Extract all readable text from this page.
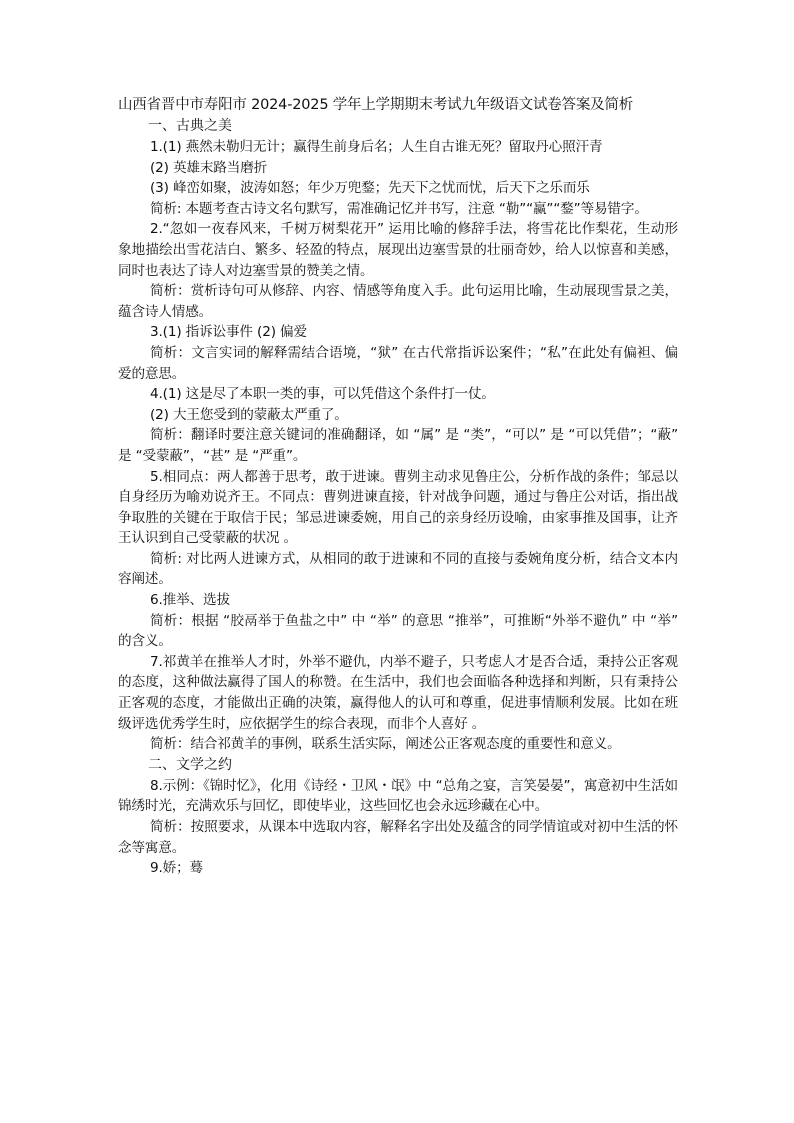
山西省晋中市寿阳市 2024-2025 学年上学期期末考试九年级语文试卷答案及简析

一、古典之美

1.(1) 燕然未勒归无计；赢得生前身后名；人生自古谁无死？留取丹心照汗青

(2) 英雄末路当磨折

(3) 峰峦如聚，波涛如怒；年少万兜鍪；先天下之忧而忧，后天下之乐而乐

简析: 本题考查古诗文名句默写，需准确记忆并书写，注意 “勒”“赢”“鍪”等易错字。

2.“忽如一夜春风来，千树万树梨花开” 运用比喻的修辞手法，将雪花比作梨花，生动形象地描绘出雪花洁白、繁多、轻盈的特点，展现出边塞雪景的壮丽奇妙，给人以惊喜和美感，同时也表达了诗人对边塞雪景的赞美之情。

简析：赏析诗句可从修辞、内容、情感等角度入手。此句运用比喻，生动展现雪景之美，蕴含诗人情感。

3.(1) 指诉讼事件 (2) 偏爱

简析：文言实词的解释需结合语境，“狱” 在古代常指诉讼案件；“私”在此处有偏袒、偏爱的意思。

4.(1) 这是尽了本职一类的事，可以凭借这个条件打一仗。

(2) 大王您受到的蒙蔽太严重了。

简析：翻译时要注意关键词的准确翻译，如 “属” 是 “类”，“可以” 是 “可以凭借”；“蔽” 是 “受蒙蔽”，“甚” 是 “严重”。

5.相同点：两人都善于思考，敢于进谏。曹刿主动求见鲁庄公，分析作战的条件；邹忌以自身经历为喻劝说齐王。不同点：曹刿进谏直接，针对战争问题，通过与鲁庄公对话，指出战争取胜的关键在于取信于民；邹忌进谏委婉，用自己的亲身经历设喻，由家事推及国事，让齐王认识到自己受蒙蔽的状况 。

简析: 对比两人进谏方式，从相同的敢于进谏和不同的直接与委婉角度分析，结合文本内容阐述。

6.推举、选拔

简析：根据 “胶鬲举于鱼盐之中” 中 “举” 的意思 “推举”，可推断“外举不避仇” 中 “举” 的含义。

7.祁黄羊在推举人才时，外举不避仇，内举不避子，只考虑人才是否合适，秉持公正客观的态度，这种做法赢得了国人的称赞。在生活中，我们也会面临各种选择和判断，只有秉持公正客观的态度，才能做出正确的决策，赢得他人的认可和尊重，促进事情顺利发展。比如在班级评选优秀学生时，应依据学生的综合表现，而非个人喜好 。

简析：结合祁黄羊的事例，联系生活实际，阐述公正客观态度的重要性和意义。

二、文学之约

8.示例：《锦时忆》，化用《诗经・卫风・氓》中 “总角之宴，言笑晏晏”，寓意初中生活如锦绣时光，充满欢乐与回忆，即使毕业，这些回忆也会永远珍藏在心中。

简析：按照要求，从课本中选取内容，解释名字出处及蕴含的同学情谊或对初中生活的怀念等寓意。

9.娇；蓦
